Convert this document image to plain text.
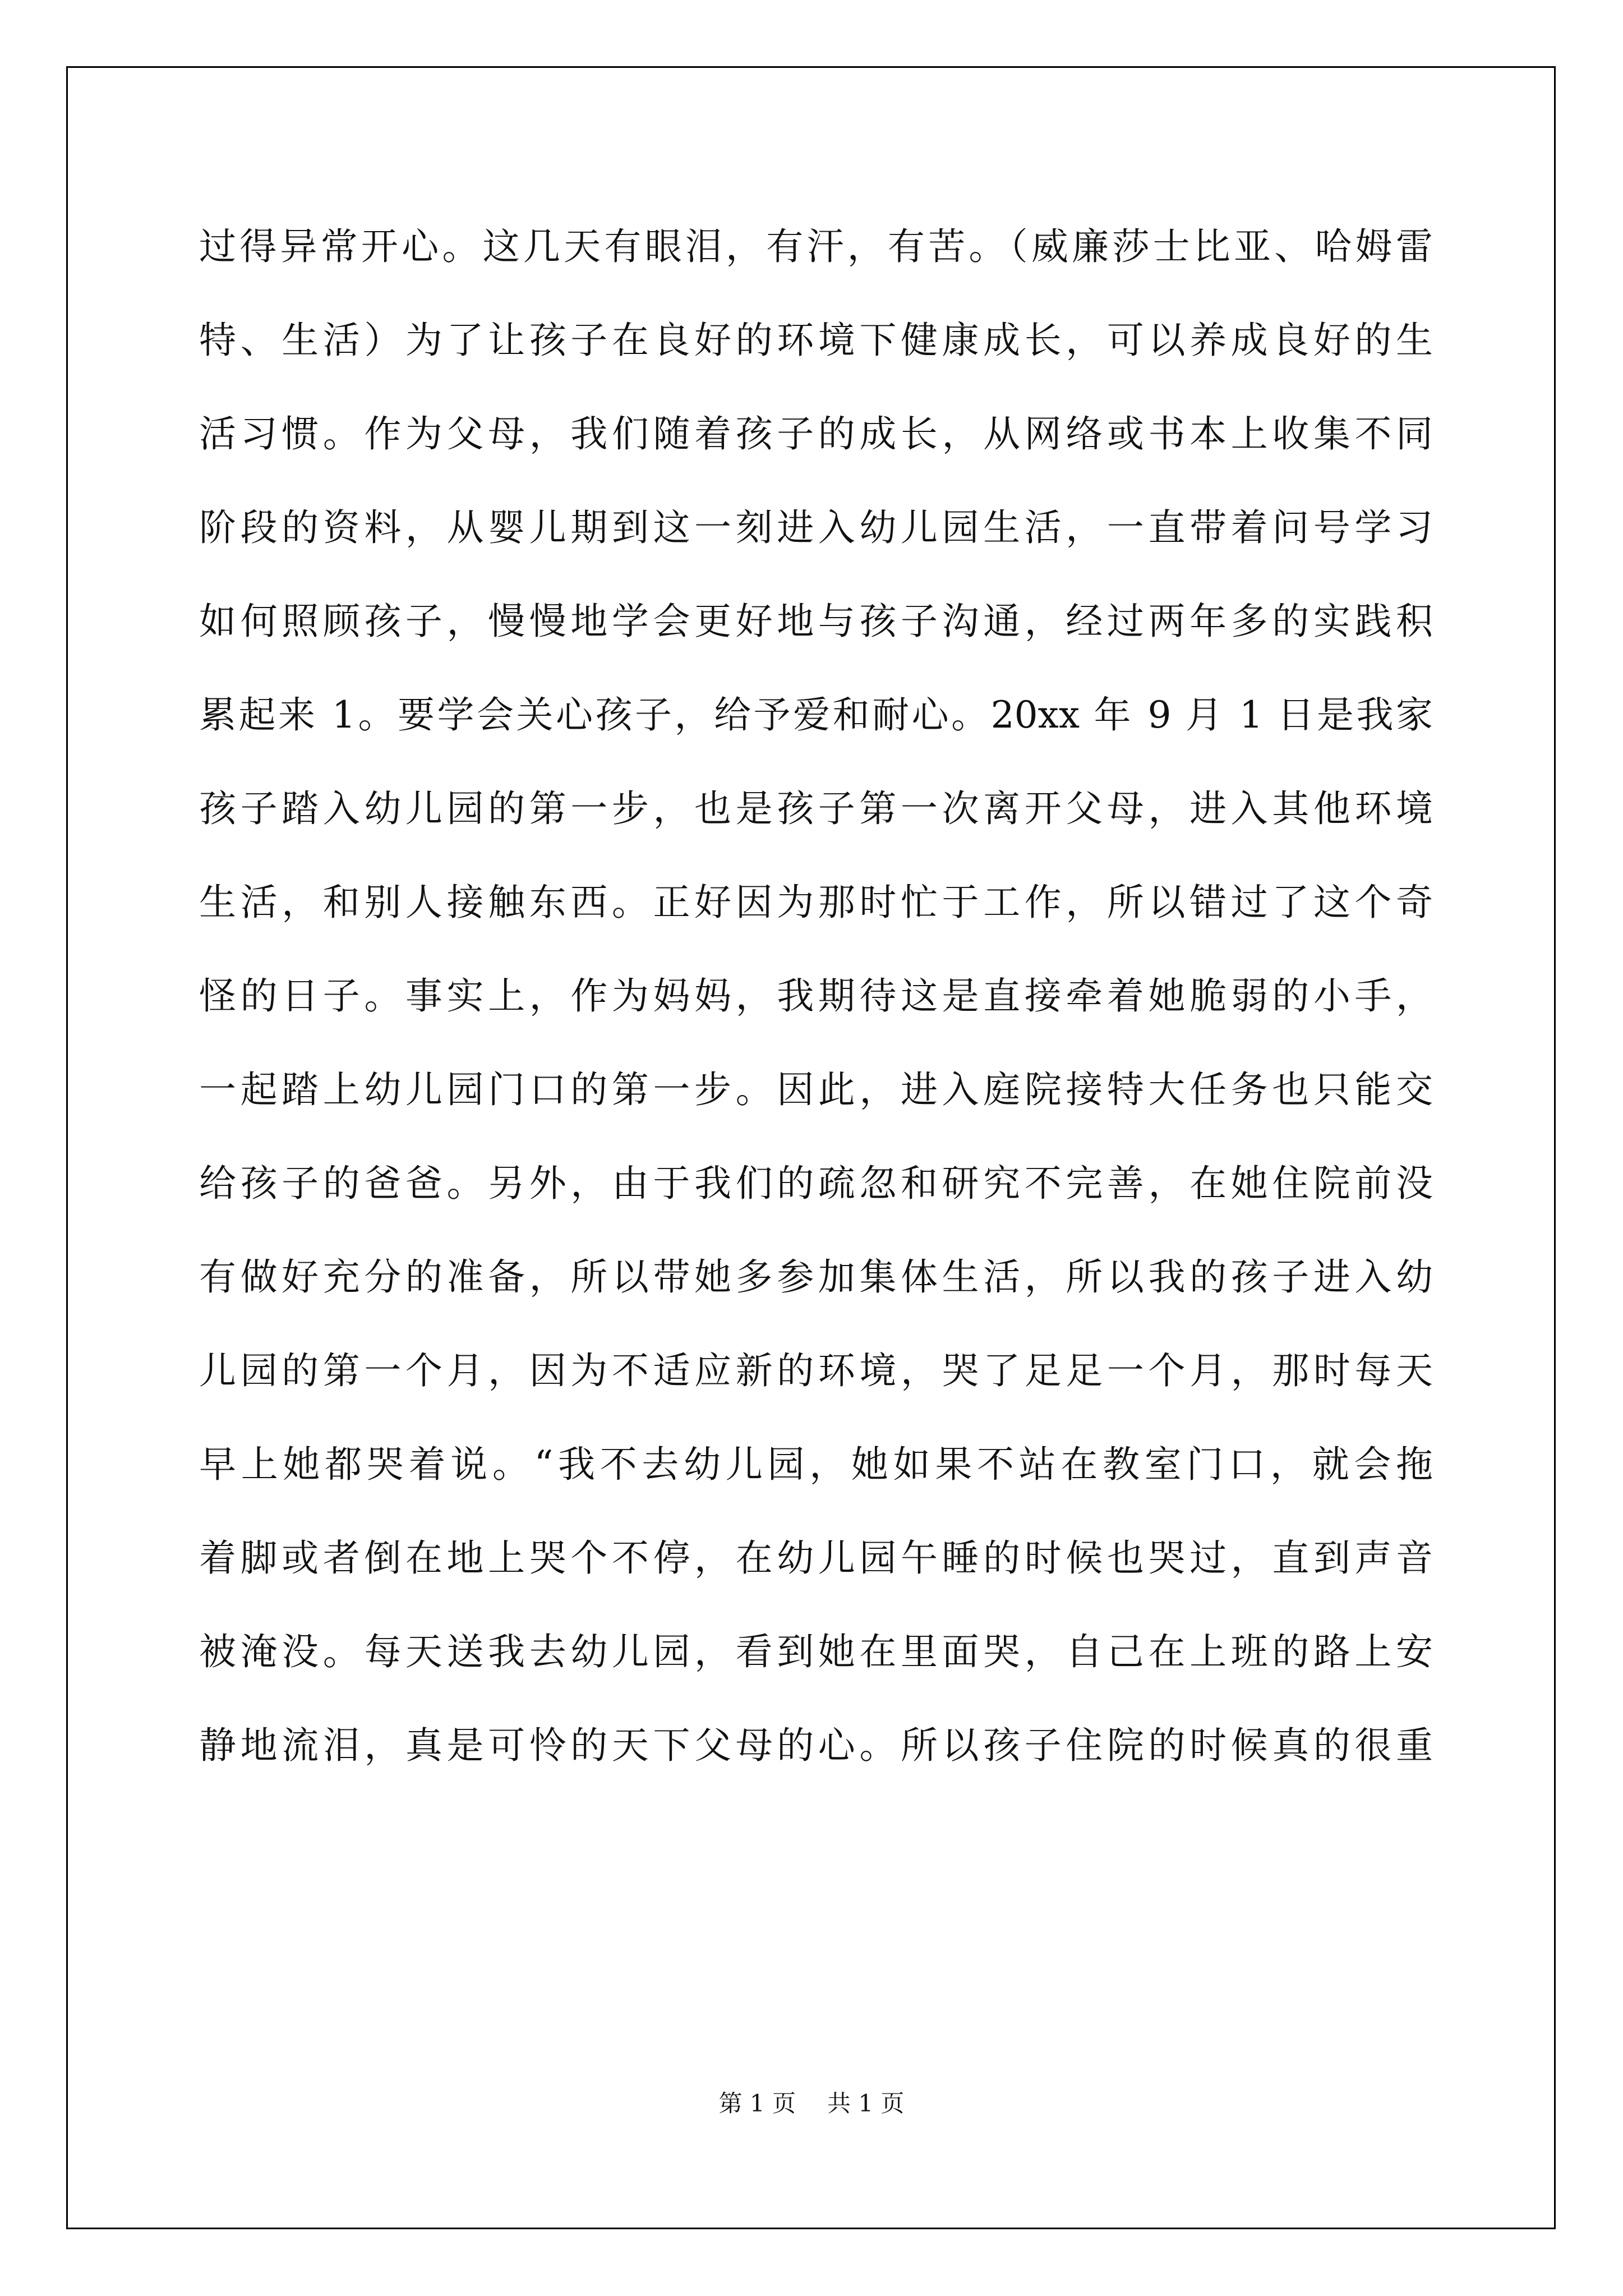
过得异常开心。这几天有眼泪，有汗，有苦。（威廉莎士比亚、哈姆雷
特、生活）为了让孩子在良好的环境下健康成长，可以养成良好的生
活习惯。作为父母，我们随着孩子的成长，从网络或书本上收集不同
阶段的资料，从婴儿期到这一刻进入幼儿园生活，一直带着问号学习
如何照顾孩子，慢慢地学会更好地与孩子沟通，经过两年多的实践积
累起来 1。要学会关心孩子，给予爱和耐心。20xx 年 9 月 1 日是我家
孩子踏入幼儿园的第一步，也是孩子第一次离开父母，进入其他环境
生活，和别人接触东西。正好因为那时忙于工作，所以错过了这个奇
怪的日子。事实上，作为妈妈，我期待这是直接牵着她脆弱的小手，
一起踏上幼儿园门口的第一步。因此，进入庭院接特大任务也只能交
给孩子的爸爸。另外，由于我们的疏忽和研究不完善，在她住院前没
有做好充分的准备，所以带她多参加集体生活，所以我的孩子进入幼
儿园的第一个月，因为不适应新的环境，哭了足足一个月，那时每天
早上她都哭着说。“我不去幼儿园，她如果不站在教室门口，就会拖
着脚或者倒在地上哭个不停，在幼儿园午睡的时候也哭过，直到声音
被淹没。每天送我去幼儿园，看到她在里面哭，自己在上班的路上安
静地流泪，真是可怜的天下父母的心。所以孩子住院的时候真的很重
第 1 页 共 1 页
